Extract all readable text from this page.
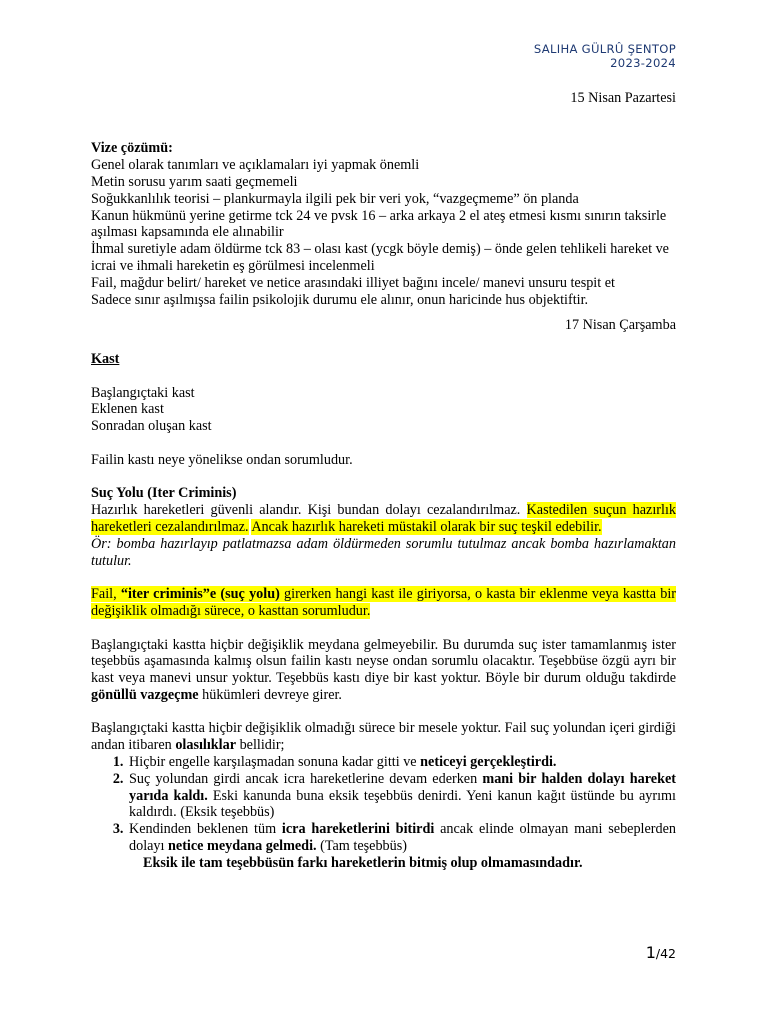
SALIHA GÜLRÛ ŞENTOP
2023-2024
15 Nisan Pazartesi
Vize çözümü:
Genel olarak tanımları ve açıklamaları iyi yapmak önemli
Metin sorusu yarım saati geçmemeli
Soğukkanlılık teorisi – plankurmayla ilgili pek bir veri yok, “vazgeçmeme” ön planda
Kanun hükmünü yerine getirme tck 24 ve pvsk 16 – arka arkaya 2 el ateş etmesi kısmı sınırın taksirle aşılması kapsamında ele alınabilir
İhmal suretiyle adam öldürme tck 83 – olası kast (ycgk böyle demiş) – önde gelen tehlikeli hareket ve icrai ve ihmali hareketin eş görülmesi incelenmeli
Fail, mağdur belirt/ hareket ve netice arasındaki illiyet bağını incele/ manevi unsuru tespit et
Sadece sınır aşılmışsa failin psikolojik durumu ele alınır, onun haricinde hus objektiftir.
17 Nisan Çarşamba
Kast
Başlangıçtaki kast
Eklenen kast
Sonradan oluşan kast
Failin kastı neye yönelikse ondan sorumludur.
Suç Yolu (Iter Criminis)
Hazırlık hareketleri güvenli alandır. Kişi bundan dolayı cezalandırılmaz. Kastedilen suçun hazırlık hareketleri cezalandırılmaz. Ancak hazırlık hareketi müstakil olarak bir suç teşkil edebilir.
Ör: bomba hazırlayıp patlatmazsa adam öldürmeden sorumlu tutulmaz ancak bomba hazırlamaktan tutulur.
Fail, “iter criminis”e (suç yolu) girerken hangi kast ile giriyorsa, o kasta bir eklenme veya kastta bir değişiklik olmadığı sürece, o kasttan sorumludur.
Başlangıçtaki kastta hiçbir değişiklik meydana gelmeyebilir. Bu durumda suç ister tamamlanmış ister teşebbüs aşamasında kalmış olsun failin kastı neyse ondan sorumlu olacaktır. Teşebbüse özgü ayrı bir kast veya manevi unsur yoktur. Teşebbüs kastı diye bir kast yoktur. Böyle bir durum olduğu takdirde gönüllü vazgeçme hükümleri devreye girer.
Başlangıçtaki kastta hiçbir değişiklik olmadığı sürece bir mesele yoktur. Fail suç yolundan içeri girdiği andan itibaren olasılıklar bellidir;
1. Hiçbir engelle karşılaşmadan sonuna kadar gitti ve neticeyi gerçekleştirdi.
2. Suç yolundan girdi ancak icra hareketlerine devam ederken mani bir halden dolayı hareket yarıda kaldı. Eski kanunda buna eksik teşebbüs denirdi. Yeni kanun kağıt üstünde bu ayrımı kaldırdı. (Eksik teşebbüs)
3. Kendinden beklenen tüm icra hareketlerini bitirdi ancak elinde olmayan mani sebeplerden dolayı netice meydana gelmedi. (Tam teşebbüs)
Eksik ile tam teşebbüsün farkı hareketlerin bitmiş olup olmamasındadır.
1/42
